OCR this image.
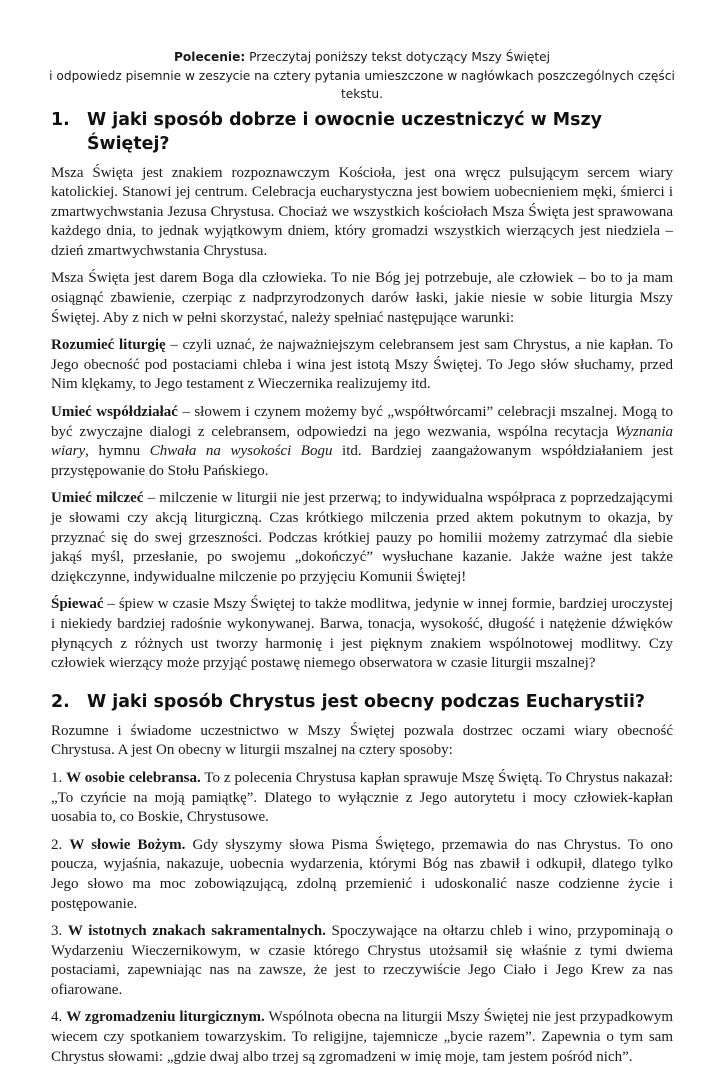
Polecenie: Przeczytaj poniższy tekst dotyczący Mszy Świętej
i odpowiedz pisemnie w zeszycie na cztery pytania umieszczone w nagłówkach poszczególnych części tekstu.
1. W jaki sposób dobrze i owocnie uczestniczyć w Mszy Świętej?

Msza Święta jest znakiem rozpoznawczym Kościoła, jest ona wręcz pulsującym sercem wiary katolickiej. Stanowi jej centrum. Celebracja eucharystyczna jest bowiem uobecnieniem męki, śmierci i zmartwychwstania Jezusa Chrystusa. Chociaż we wszystkich kościołach Msza Święta jest sprawowana każdego dnia, to jednak wyjątkowym dniem, który gromadzi wszystkich wierzących jest niedziela – dzień zmartwychwstania Chrystusa.

Msza Święta jest darem Boga dla człowieka. To nie Bóg jej potrzebuje, ale człowiek – bo to ja mam osiągnąć zbawienie, czerpiąc z nadprzyrodzonych darów łaski, jakie niesie w sobie liturgia Mszy Świętej. Aby z nich w pełni skorzystać, należy spełniać następujące warunki:

Rozumieć liturgię – czyli uznać, że najważniejszym celebransem jest sam Chrystus, a nie kapłan. To Jego obecność pod postaciami chleba i wina jest istotą Mszy Świętej. To Jego słów słuchamy, przed Nim klękamy, to Jego testament z Wieczernika realizujemy itd.

Umieć współdziałać – słowem i czynem możemy być „współtwórcami” celebracji mszalnej. Mogą to być zwyczajne dialogi z celebransem, odpowiedzi na jego wezwania, wspólna recytacja Wyznania wiary, hymnu Chwała na wysokości Bogu itd. Bardziej zaangażowanym współdziałaniem jest przystępowanie do Stołu Pańskiego.

Umieć milczeć – milczenie w liturgii nie jest przerwą; to indywidualna współpraca z poprzedzającymi je słowami czy akcją liturgiczną. Czas krótkiego milczenia przed aktem pokutnym to okazja, by przyznać się do swej grzeszności. Podczas krótkiej pauzy po homilii możemy zatrzymać dla siebie jakąś myśl, przesłanie, po swojemu „dokończyć” wysłuchane kazanie. Jakże ważne jest także dziękczynne, indywidualne milczenie po przyjęciu Komunii Świętej!

Śpiewać – śpiew w czasie Mszy Świętej to także modlitwa, jedynie w innej formie, bardziej uroczystej i niekiedy bardziej radośnie wykonywanej. Barwa, tonacja, wysokość, długość i natężenie dźwięków płynących z różnych ust tworzy harmonię i jest pięknym znakiem wspólnotowej modlitwy. Czy człowiek wierzący może przyjąć postawę niemego obserwatora w czasie liturgii mszalnej?

2. W jaki sposób Chrystus jest obecny podczas Eucharystii?

Rozumne i świadome uczestnictwo w Mszy Świętej pozwala dostrzec oczami wiary obecność Chrystusa. A jest On obecny w liturgii mszalnej na cztery sposoby:

1. W osobie celebransa. To z polecenia Chrystusa kapłan sprawuje Mszę Świętą. To Chrystus nakazał: „To czyńcie na moją pamiątkę”. Dlatego to wyłącznie z Jego autorytetu i mocy człowiek-kapłan uosabia to, co Boskie, Chrystusowe.

2. W słowie Bożym. Gdy słyszymy słowa Pisma Świętego, przemawia do nas Chrystus. To ono poucza, wyjaśnia, nakazuje, uobecnia wydarzenia, którymi Bóg nas zbawił i odkupił, dlatego tylko Jego słowo ma moc zobowiązującą, zdolną przemienić i udoskonalić nasze codzienne życie i postępowanie.

3. W istotnych znakach sakramentalnych. Spoczywające na ołtarzu chleb i wino, przypominają o Wydarzeniu Wieczernikowym, w czasie którego Chrystus utożsamił się właśnie z tymi dwiema postaciami, zapewniając nas na zawsze, że jest to rzeczywiście Jego Ciało i Jego Krew za nas ofiarowane.

4. W zgromadzeniu liturgicznym. Wspólnota obecna na liturgii Mszy Świętej nie jest przypadkowym wiecem czy spotkaniem towarzyskim. To religijne, tajemnicze „bycie razem”. Zapewnia o tym sam Chrystus słowami: „gdzie dwaj albo trzej są zgromadzeni w imię moje, tam jestem pośród nich”.
